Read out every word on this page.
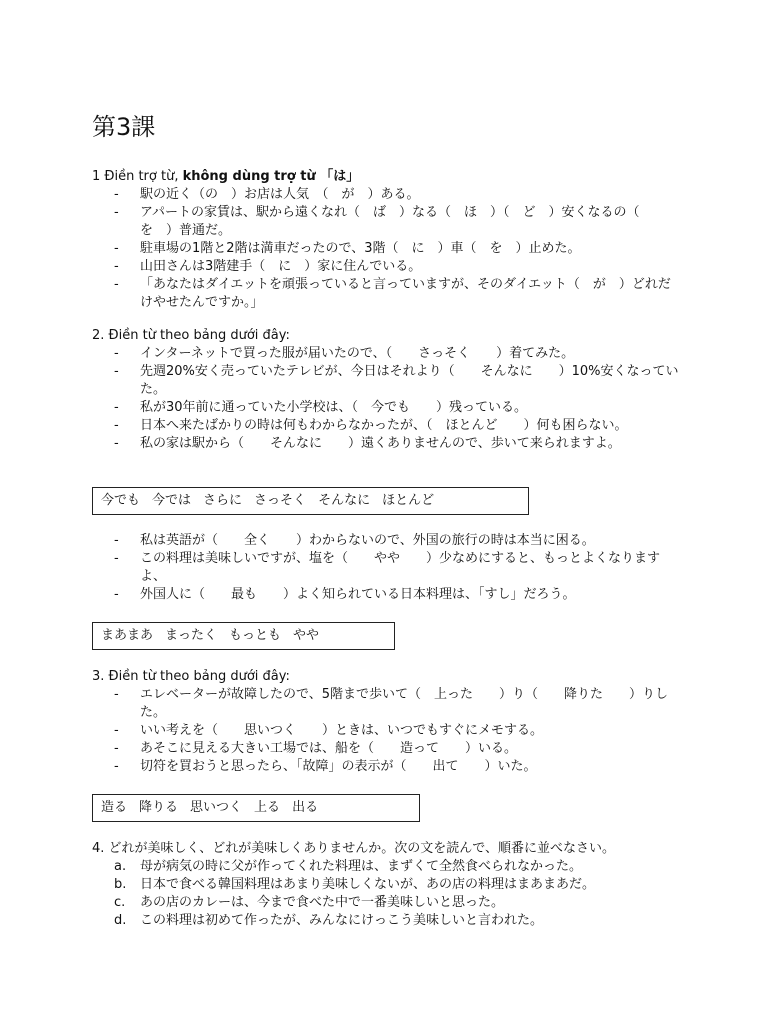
第3課

1 Điền trợ từ, không dùng trợ từ 「は」

-	駅の近く（の　）お店は人気　（　が　）ある。
-	アパートの家賃は、駅から遠くなれ（　ば　）なる（　ほ　）（　ど　）安くなるの（　を　）普通だ。
-	駐車場の1階と2階は満車だったので、3階（　に　）車（　を　）止めた。
-	山田さんは3階建手（　に　）家に住んでいる。
-	「あなたはダイエットを頑張っていると言っていますが、そのダイエット（　が　）どれだけやせたんですか。」

2. Điền từ theo bảng dưới đây:

-	インターネットで買った服が届いたので、（　　さっそく　　）着てみた。
-	先週20%安く売っていたテレビが、今日はそれより（　　そんなに　　）10%安くなっていた。
-	私が30年前に通っていた小学校は、（　今でも　　）残っている。
-	日本へ来たばかりの時は何もわからなかったが、（　ほとんど　　）何も困らない。
-	私の家は駅から（　　そんなに　　）遠くありませんので、歩いて来られますよ。
今でも 今では さらに さっそく そんなに ほとんど
-	私は英語が（　　全く　　）わからないので、外国の旅行の時は本当に困る。
-	この料理は美味しいですが、塩を（　　やや　　）少なめにすると、もっとよくなりますよ、
-	外国人に（　　最も　　）よく知られている日本料理は、「すし」だろう。
まあまあ まったく もっとも やや

3. Điền từ theo bảng dưới đây:

-	エレベーターが故障したので、5階まで歩いて（　上った　　）り（　　降りた　　）りした。
-	いい考えを（　　思いつく　　）ときは、いつでもすぐにメモする。
-	あそこに見える大きい工場では、船を（　　造って　　）いる。
-	切符を買おうと思ったら、「故障」の表示が（　　出て　　）いた。
造る 降りる 思いつく 上る 出る

4. どれが美味しく、どれが美味しくありませんか。次の文を読んで、順番に並べなさい。

a.	母が病気の時に父が作ってくれた料理は、まずくて全然食べられなかった。
b.	日本で食べる韓国料理はあまり美味しくないが、あの店の料理はまあまあだ。
c.	あの店のカレーは、今まで食べた中で一番美味しいと思った。
d.	この料理は初めて作ったが、みんなにけっこう美味しいと言われた。
